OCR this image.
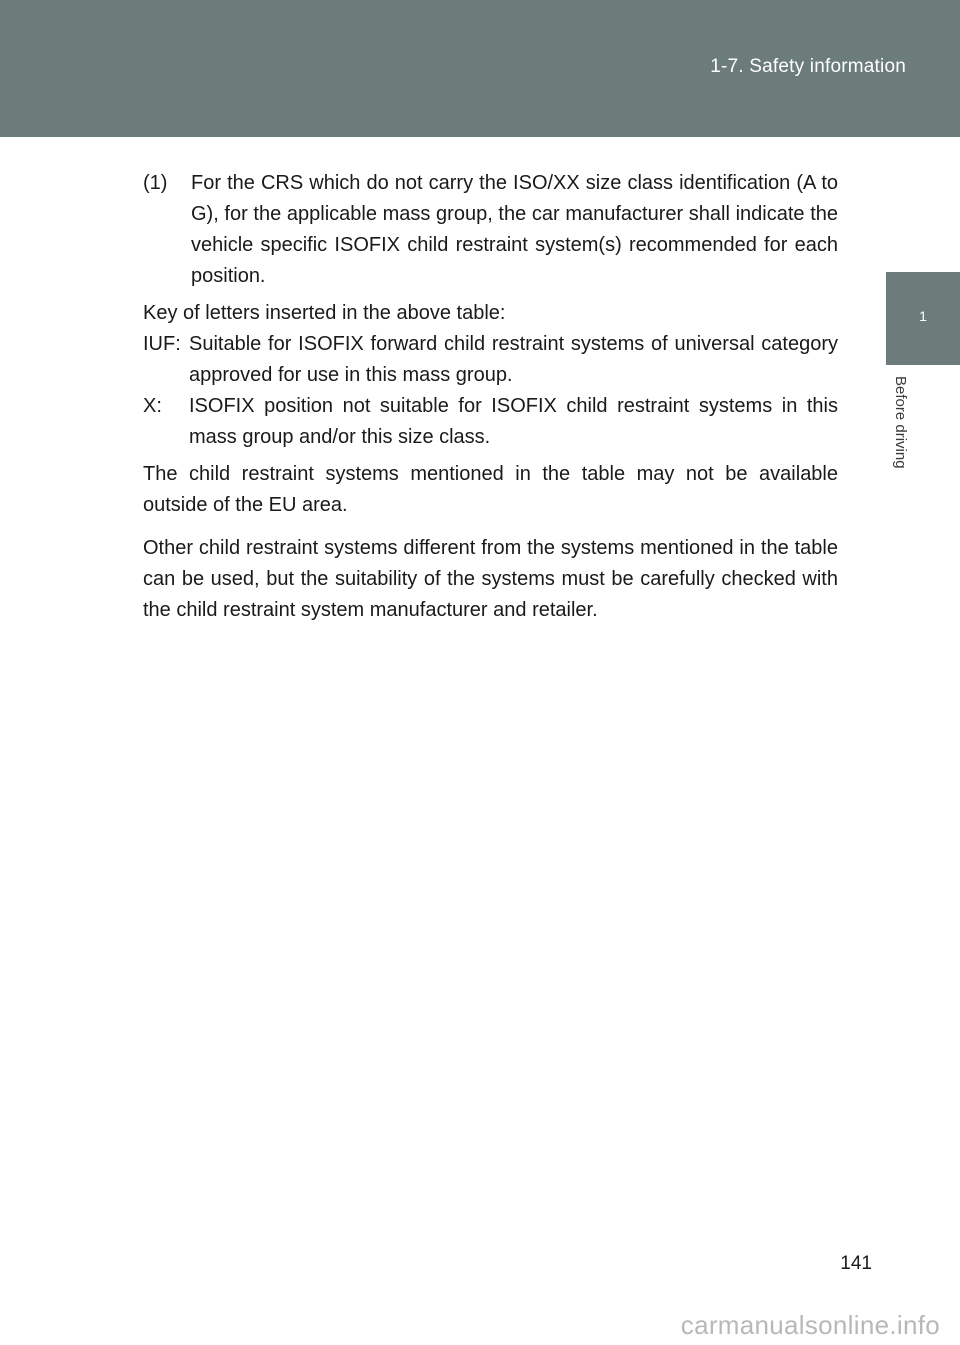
1-7. Safety information
1
Before driving
(1)	For the CRS which do not carry the ISO/XX size class identification (A to G), for the applicable mass group, the car manufacturer shall indicate the vehicle specific ISOFIX child restraint system(s) recommended for each position.
Key of letters inserted in the above table:
IUF: Suitable for ISOFIX forward child restraint systems of universal category approved for use in this mass group.
X:	ISOFIX position not suitable for ISOFIX child restraint systems in this mass group and/or this size class.
The child restraint systems mentioned in the table may not be available outside of the EU area.
Other child restraint systems different from the systems mentioned in the table can be used, but the suitability of the systems must be carefully checked with the child restraint system manufacturer and retailer.
141
carmanualsonline.info
